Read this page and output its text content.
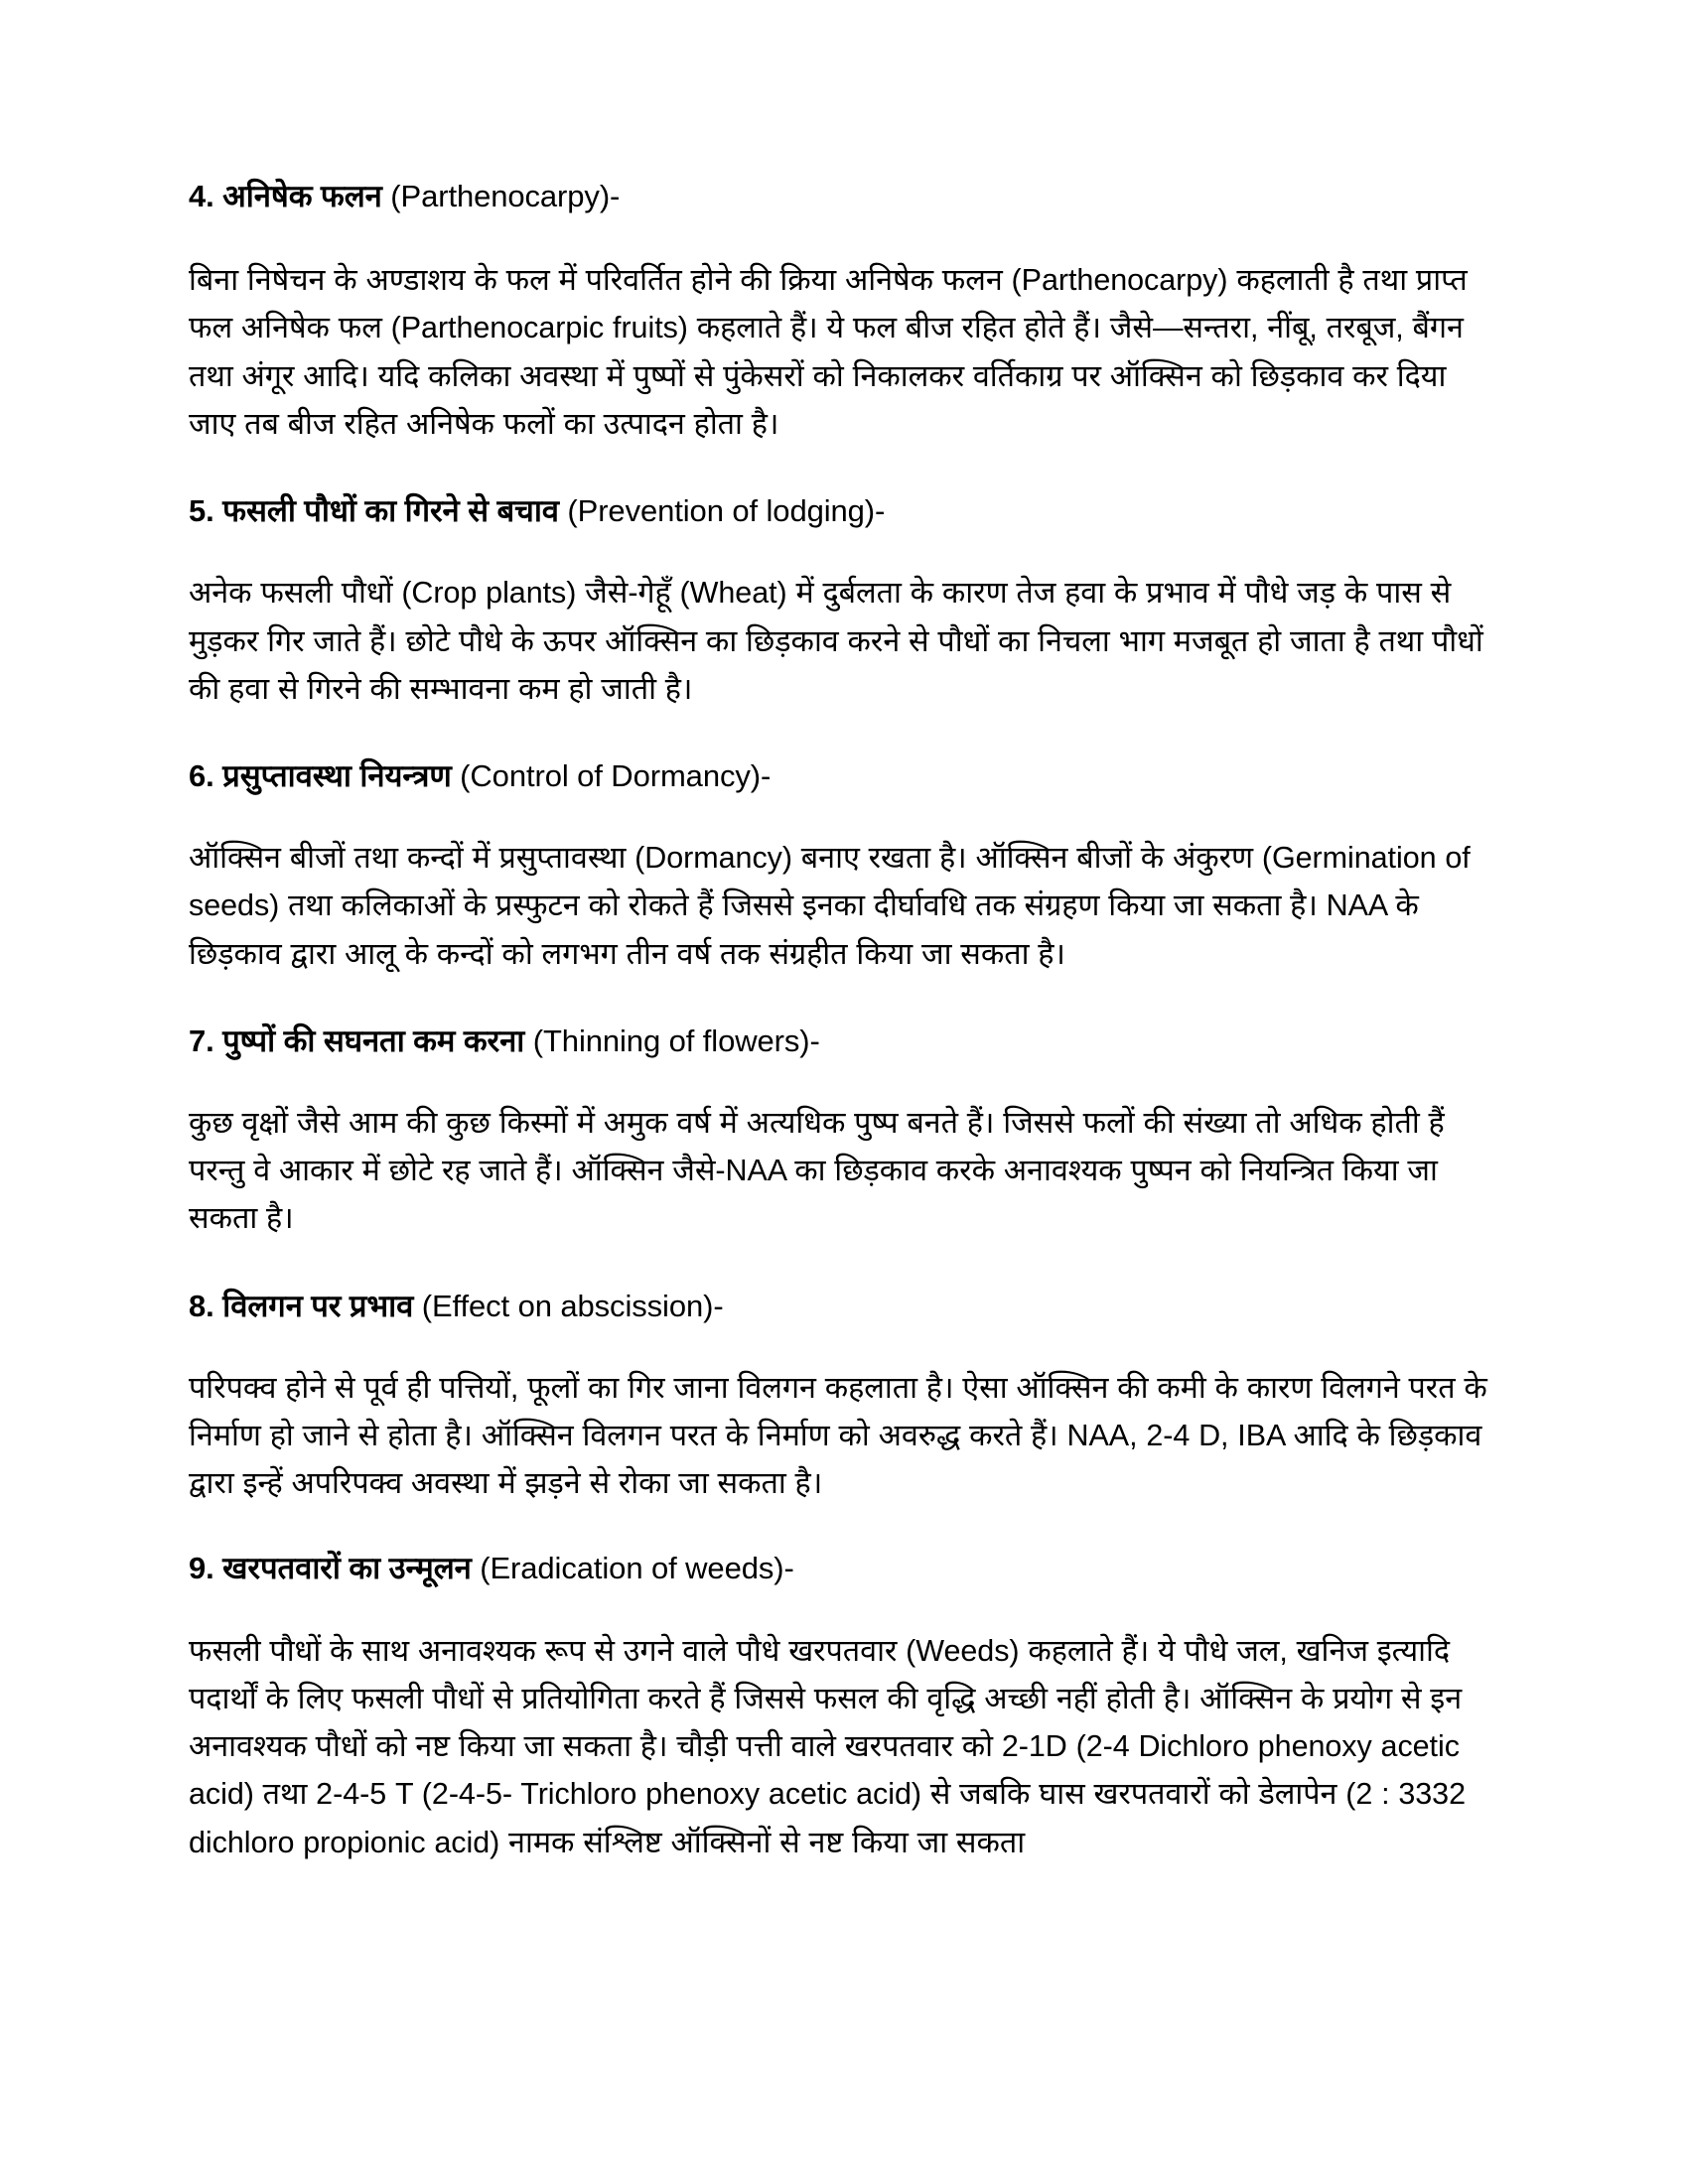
4. अनिषेक फलन (Parthenocarpy)-

बिना निषेचन के अण्डाशय के फल में परिवर्तित होने की क्रिया अनिषेक फलन (Parthenocarpy) कहलाती है तथा प्राप्त फल अनिषेक फल (Parthenocarpic fruits) कहलाते हैं। ये फल बीज रहित होते हैं। जैसे—सन्तरा, नींबू, तरबूज, बैंगन तथा अंगूर आदि। यदि कलिका अवस्था में पुष्पों से पुंकेसरों को निकालकर वर्तिकाग्र पर ऑक्सिन को छिड़काव कर दिया जाए तब बीज रहित अनिषेक फलों का उत्पादन होता है।

5. फसली पौधों का गिरने से बचाव (Prevention of lodging)-

अनेक फसली पौधों (Crop plants) जैसे-गेहूँ (Wheat) में दुर्बलता के कारण तेज हवा के प्रभाव में पौधे जड़ के पास से मुड़कर गिर जाते हैं। छोटे पौधे के ऊपर ऑक्सिन का छिड़काव करने से पौधों का निचला भाग मजबूत हो जाता है तथा पौधों की हवा से गिरने की सम्भावना कम हो जाती है।

6. प्रसुप्तावस्था नियन्त्रण (Control of Dormancy)-

ऑक्सिन बीजों तथा कन्दों में प्रसुप्तावस्था (Dormancy) बनाए रखता है। ऑक्सिन बीजों के अंकुरण (Germination of seeds) तथा कलिकाओं के प्रस्फुटन को रोकते हैं जिससे इनका दीर्घावधि तक संग्रहण किया जा सकता है। NAA के छिड़काव द्वारा आलू के कन्दों को लगभग तीन वर्ष तक संग्रहीत किया जा सकता है।

7. पुष्पों की सघनता कम करना (Thinning of flowers)-

कुछ वृक्षों जैसे आम की कुछ किस्मों में अमुक वर्ष में अत्यधिक पुष्प बनते हैं। जिससे फलों की संख्या तो अधिक होती हैं परन्तु वे आकार में छोटे रह जाते हैं। ऑक्सिन जैसे-NAA का छिड़काव करके अनावश्यक पुष्पन को नियन्त्रित किया जा सकता है।

8. विलगन पर प्रभाव (Effect on abscission)-

परिपक्व होने से पूर्व ही पत्तियों, फूलों का गिर जाना विलगन कहलाता है। ऐसा ऑक्सिन की कमी के कारण विलगने परत के निर्माण हो जाने से होता है। ऑक्सिन विलगन परत के निर्माण को अवरुद्ध करते हैं। NAA, 2-4 D, IBA आदि के छिड़काव द्वारा इन्हें अपरिपक्व अवस्था में झड़ने से रोका जा सकता है।

9. खरपतवारों का उन्मूलन (Eradication of weeds)-

फसली पौधों के साथ अनावश्यक रूप से उगने वाले पौधे खरपतवार (Weeds) कहलाते हैं। ये पौधे जल, खनिज इत्यादि पदार्थों के लिए फसली पौधों से प्रतियोगिता करते हैं जिससे फसल की वृद्धि अच्छी नहीं होती है। ऑक्सिन के प्रयोग से इन अनावश्यक पौधों को नष्ट किया जा सकता है। चौड़ी पत्ती वाले खरपतवार को 2-1D (2-4 Dichloro phenoxy acetic acid) तथा 2-4-5 T (2-4-5- Trichloro phenoxy acetic acid) से जबकि घास खरपतवारों को डेलापेन (2 : 3332 dichloro propionic acid) नामक संश्लिष्ट ऑक्सिनों से नष्ट किया जा सकता
